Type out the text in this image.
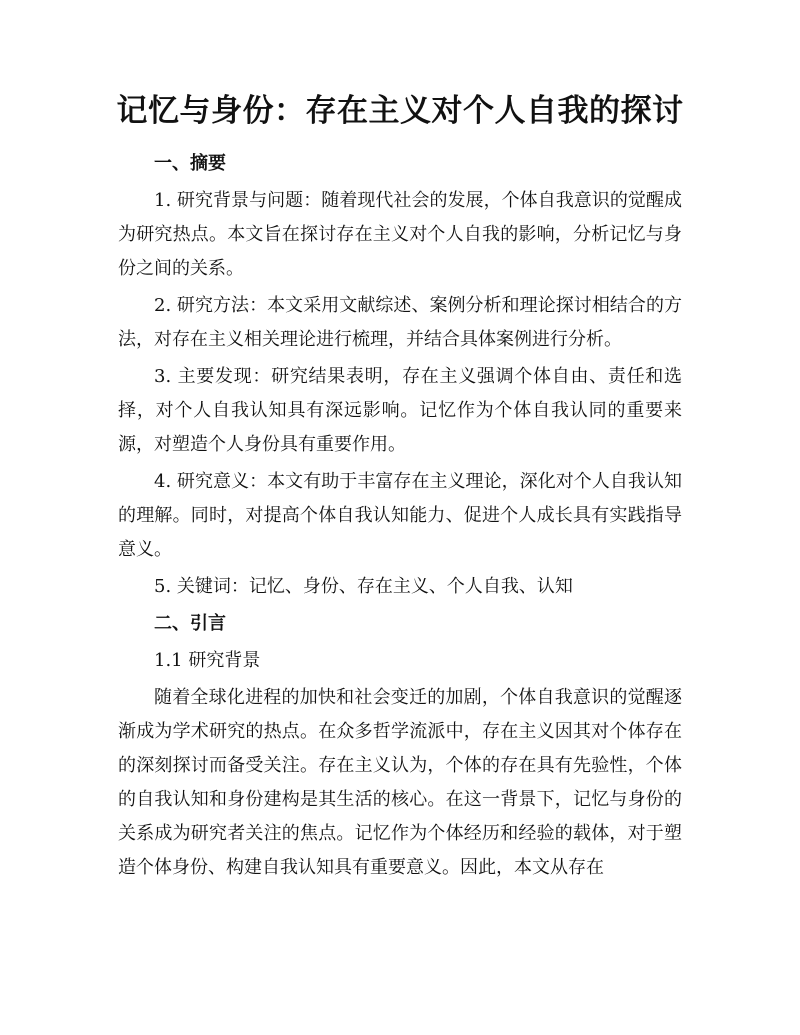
记忆与身份：存在主义对个人自我的探讨

一、摘要

1. 研究背景与问题：随着现代社会的发展，个体自我意识的觉醒成为研究热点。本文旨在探讨存在主义对个人自我的影响，分析记忆与身份之间的关系。

2. 研究方法：本文采用文献综述、案例分析和理论探讨相结合的方法，对存在主义相关理论进行梳理，并结合具体案例进行分析。

3. 主要发现：研究结果表明，存在主义强调个体自由、责任和选择，对个人自我认知具有深远影响。记忆作为个体自我认同的重要来源，对塑造个人身份具有重要作用。

4. 研究意义：本文有助于丰富存在主义理论，深化对个人自我认知的理解。同时，对提高个体自我认知能力、促进个人成长具有实践指导意义。

5. 关键词：记忆、身份、存在主义、个人自我、认知

二、引言

1.1 研究背景

随着全球化进程的加快和社会变迁的加剧，个体自我意识的觉醒逐渐成为学术研究的热点。在众多哲学流派中，存在主义因其对个体存在的深刻探讨而备受关注。存在主义认为，个体的存在具有先验性，个体的自我认知和身份建构是其生活的核心。在这一背景下，记忆与身份的关系成为研究者关注的焦点。记忆作为个体经历和经验的载体，对于塑造个体身份、构建自我认知具有重要意义。因此，本文从存在
